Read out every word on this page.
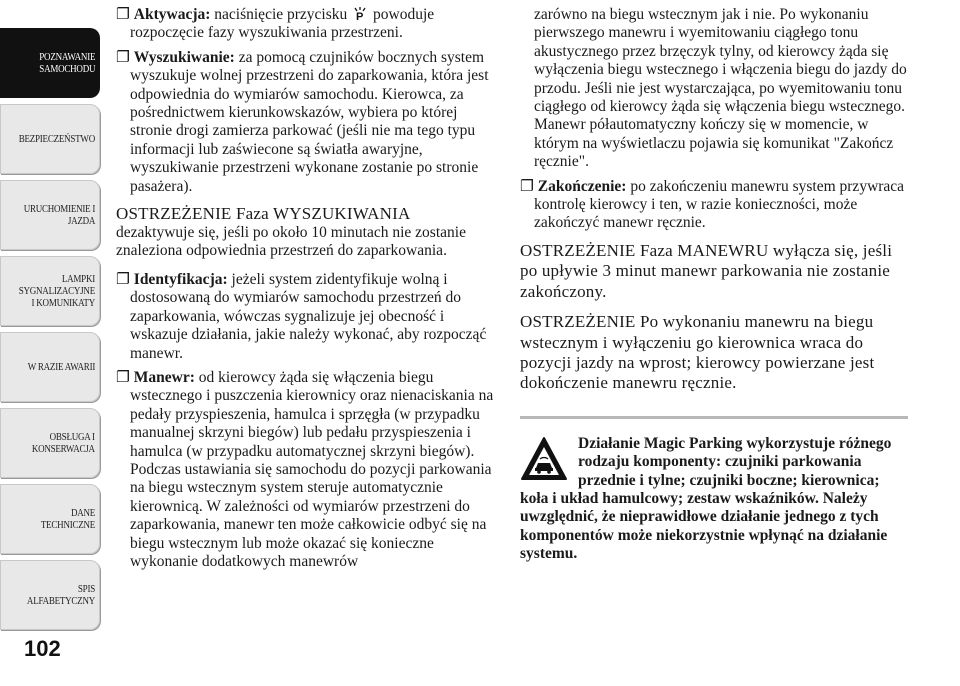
POZNAWANIE
SAMOCHODU
BEZPIECZEŃSTWO
URUCHOMIENIE I
JAZDA
LAMPKI
SYGNALIZACYJNE
I KOMUNIKATY
W RAZIE AWARII
OBSŁUGA I
KONSERWACJA
DANE
TECHNICZNE
SPIS
ALFABETYCZNY
102

❐ Aktywacja: naciśnięcie przycisku P powoduje rozpoczęcie fazy wyszukiwania przestrzeni.

❐ Wyszukiwanie: za pomocą czujników bocznych system wyszukuje wolnej przestrzeni do zaparkowania, która jest odpowiednia do wymiarów samochodu. Kierowca, za pośrednictwem kierunkowskazów, wybiera po której stronie drogi zamierza parkować (jeśli nie ma tego typu informacji lub zaświecone są światła awaryjne, wyszukiwanie przestrzeni wykonane zostanie po stronie pasażera).

OSTRZEŻENIE Faza WYSZUKIWANIA
dezaktywuje się, jeśli po około 10 minutach nie zostanie znaleziona odpowiednia przestrzeń do zaparkowania.

❐ Identyfikacja: jeżeli system zidentyfikuje wolną i dostosowaną do wymiarów samochodu przestrzeń do zaparkowania, wówczas sygnalizuje jej obecność i wskazuje działania, jakie należy wykonać, aby rozpocząć manewr.

❐ Manewr: od kierowcy żąda się włączenia biegu wstecznego i puszczenia kierownicy oraz nienaciskania na pedały przyspieszenia, hamulca i sprzęgła (w przypadku manualnej skrzyni biegów) lub pedału przyspieszenia i hamulca (w przypadku automatycznej skrzyni biegów). Podczas ustawiania się samochodu do pozycji parkowania na biegu wstecznym system steruje automatycznie kierownicą. W zależności od wymiarów przestrzeni do zaparkowania, manewr ten może całkowicie odbyć się na biegu wstecznym lub może okazać się konieczne wykonanie dodatkowych manewrów

zarówno na biegu wstecznym jak i nie. Po wykonaniu pierwszego manewru i wyemitowaniu ciągłego tonu akustycznego przez brzęczyk tylny, od kierowcy żąda się wyłączenia biegu wstecznego i włączenia biegu do jazdy do przodu. Jeśli nie jest wystarczająca, po wyemitowaniu tonu ciągłego od kierowcy żąda się włączenia biegu wstecznego. Manewr półautomatyczny kończy się w momencie, w którym na wyświetlaczu pojawia się komunikat "Zakończ ręcznie".

❐ Zakończenie: po zakończeniu manewru system przywraca kontrolę kierowcy i ten, w razie konieczności, może zakończyć manewr ręcznie.

OSTRZEŻENIE Faza MANEWRU wyłącza się, jeśli po upływie 3 minut manewr parkowania nie zostanie zakończony.
OSTRZEŻENIE Po wykonaniu manewru na biegu wstecznym i wyłączeniu go kierownica wraca do pozycji jazdy na wprost; kierowcy powierzane jest dokończenie manewru ręcznie.
Działanie Magic Parking wykorzystuje różnego rodzaju komponenty: czujniki parkowania przednie i tylne; czujniki boczne; kierownica; koła i układ hamulcowy; zestaw wskaźników. Należy uwzględnić, że nieprawidłowe działanie jednego z tych komponentów może niekorzystnie wpłynąć na działanie systemu.
